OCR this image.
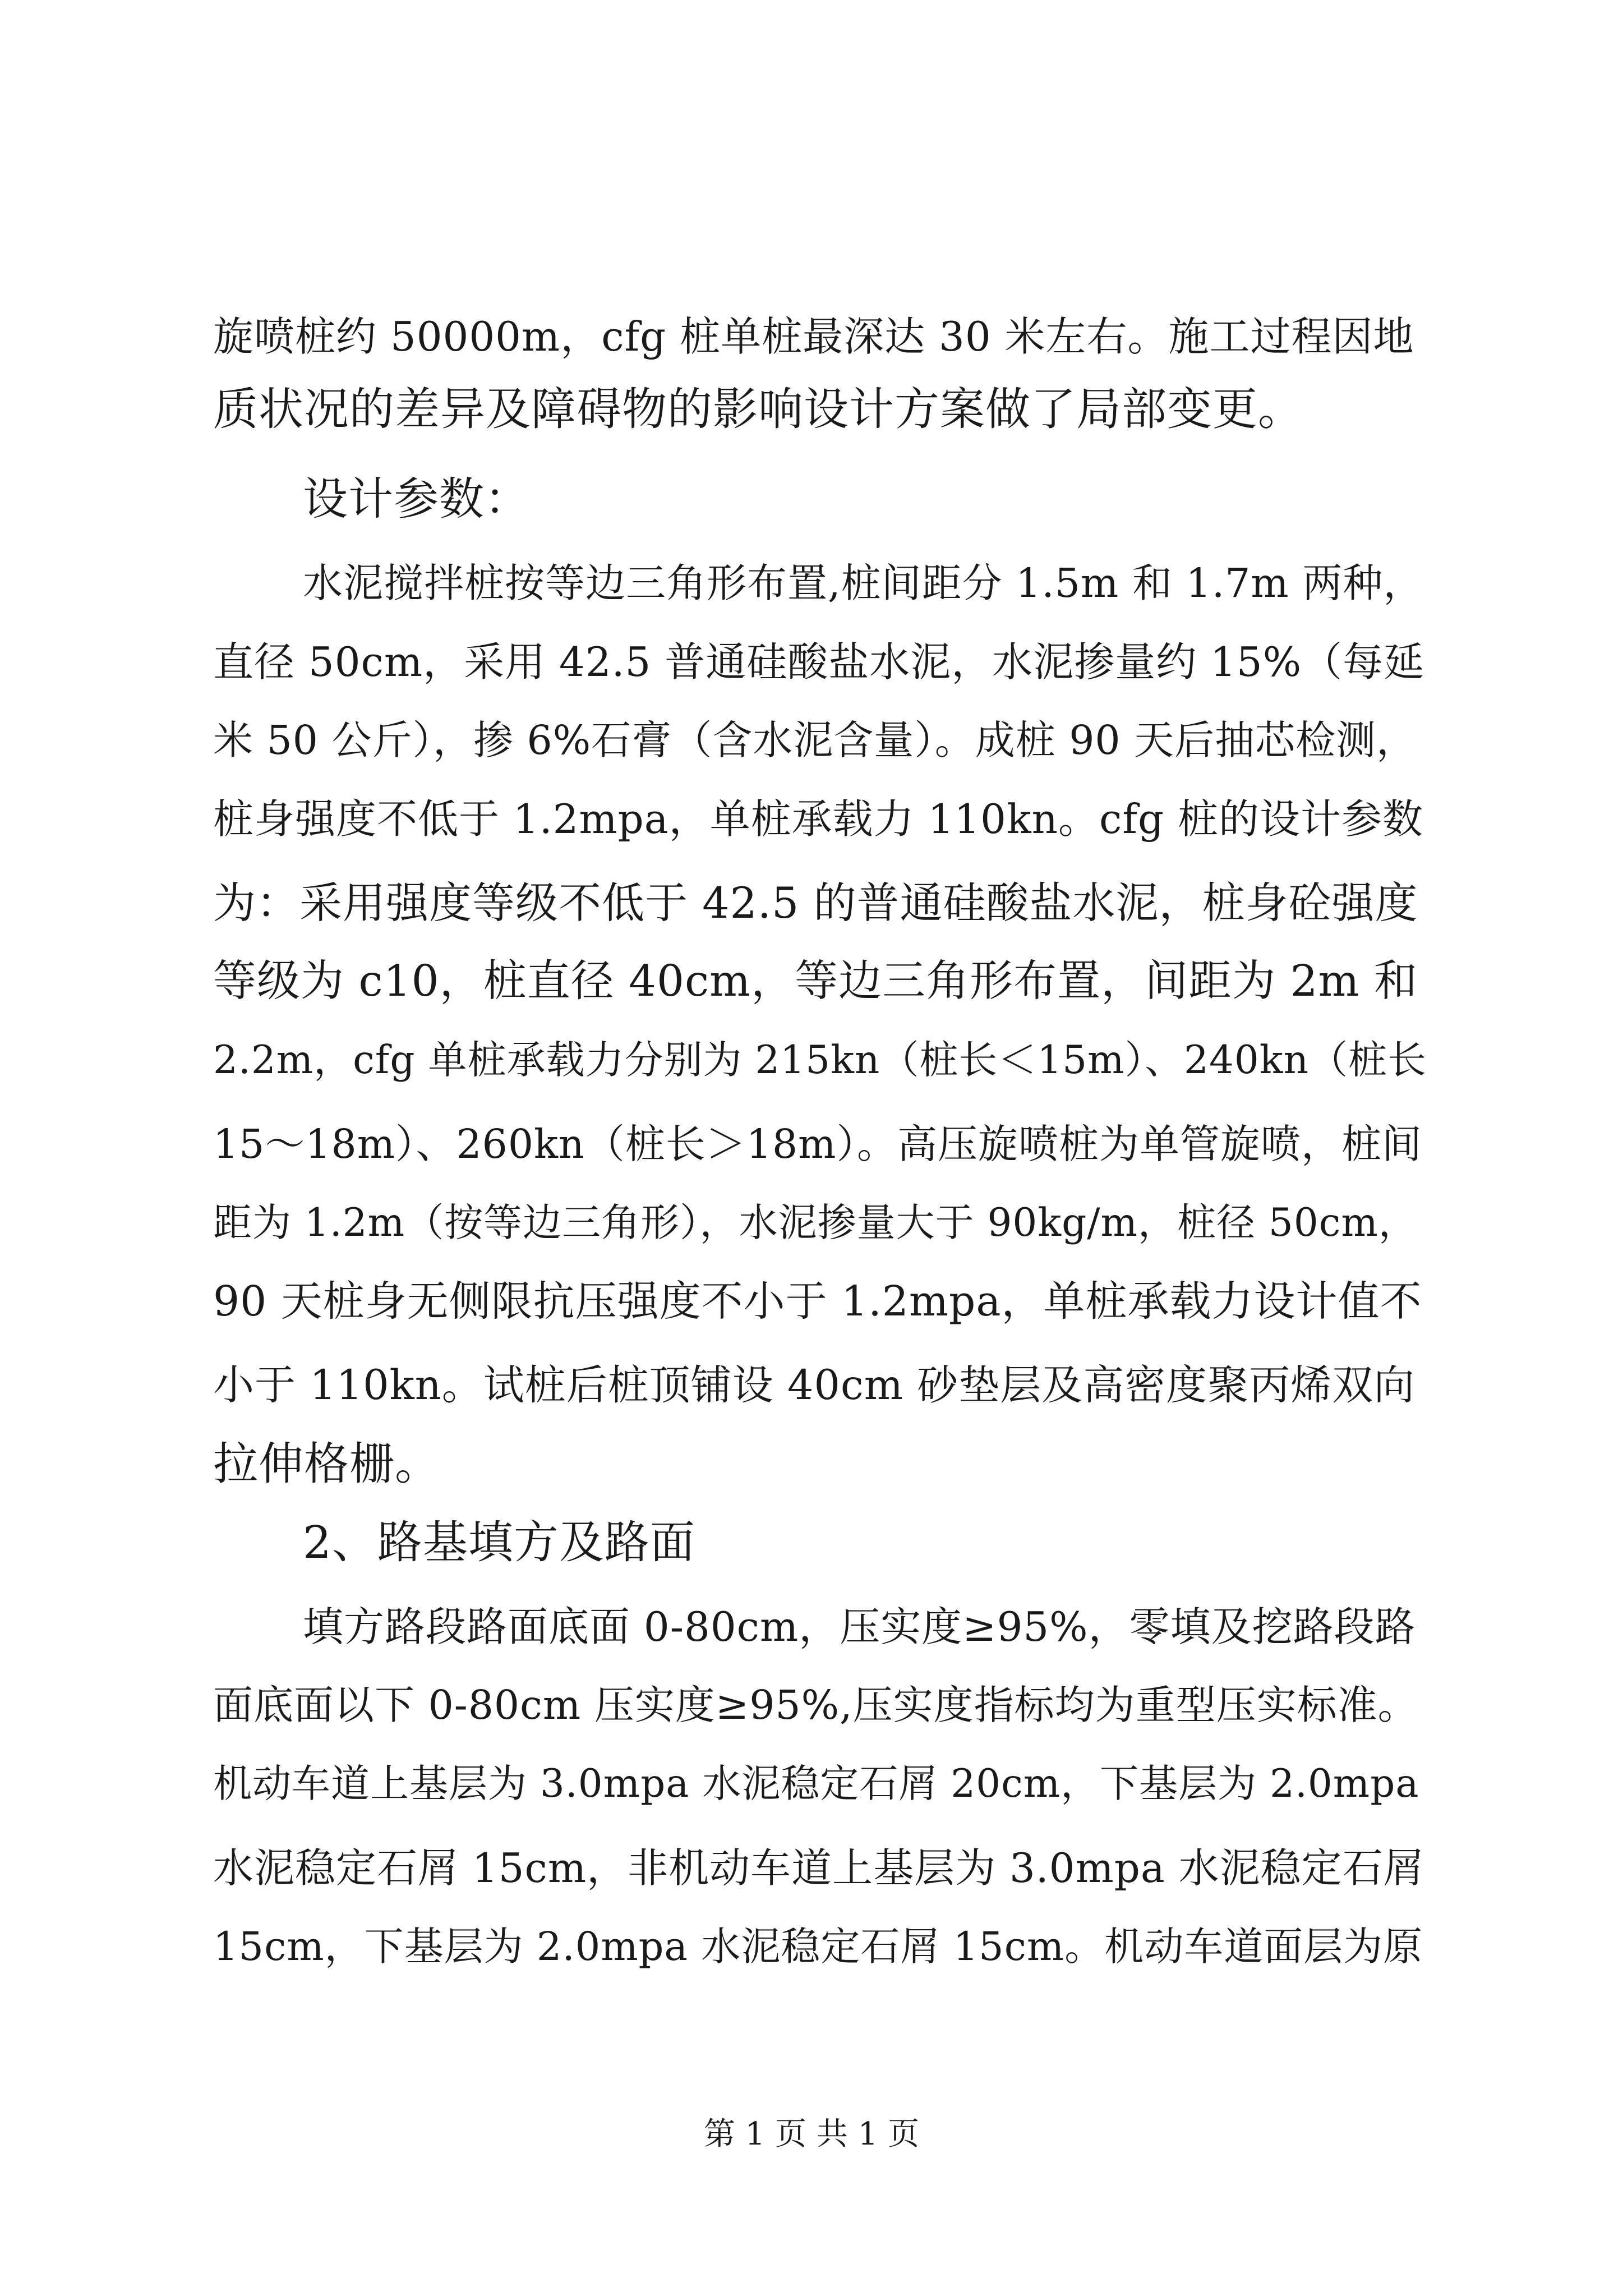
旋喷桩约 50000m，cfg 桩单桩最深达 30 米左右。施工过程因地
质状况的差异及障碍物的影响设计方案做了局部变更。
设计参数：
水泥搅拌桩按等边三角形布置,桩间距分 1.5m 和 1.7m 两种，
直径 50cm，采用 42.5 普通硅酸盐水泥，水泥掺量约 15%（每延
米 50 公斤），掺 6%石膏（含水泥含量）。成桩 90 天后抽芯检测，
桩身强度不低于 1.2mpa，单桩承载力 110kn。cfg 桩的设计参数
为：采用强度等级不低于 42.5 的普通硅酸盐水泥，桩身砼强度
等级为 c10，桩直径 40cm，等边三角形布置，间距为 2m 和
2.2m，cfg 单桩承载力分别为 215kn（桩长＜15m）、240kn（桩长
15～18m）、260kn（桩长＞18m）。高压旋喷桩为单管旋喷，桩间
距为 1.2m（按等边三角形），水泥掺量大于 90kg/m，桩径 50cm，
90 天桩身无侧限抗压强度不小于 1.2mpa，单桩承载力设计值不
小于 110kn。试桩后桩顶铺设 40cm 砂垫层及高密度聚丙烯双向
拉伸格栅。
2、路基填方及路面
填方路段路面底面 0-80cm，压实度≥95%，零填及挖路段路
面底面以下 0-80cm 压实度≥95%,压实度指标均为重型压实标准。
机动车道上基层为 3.0mpa 水泥稳定石屑 20cm，下基层为 2.0mpa
水泥稳定石屑 15cm，非机动车道上基层为 3.0mpa 水泥稳定石屑
15cm，下基层为 2.0mpa 水泥稳定石屑 15cm。机动车道面层为原
第 1 页 共 1 页
